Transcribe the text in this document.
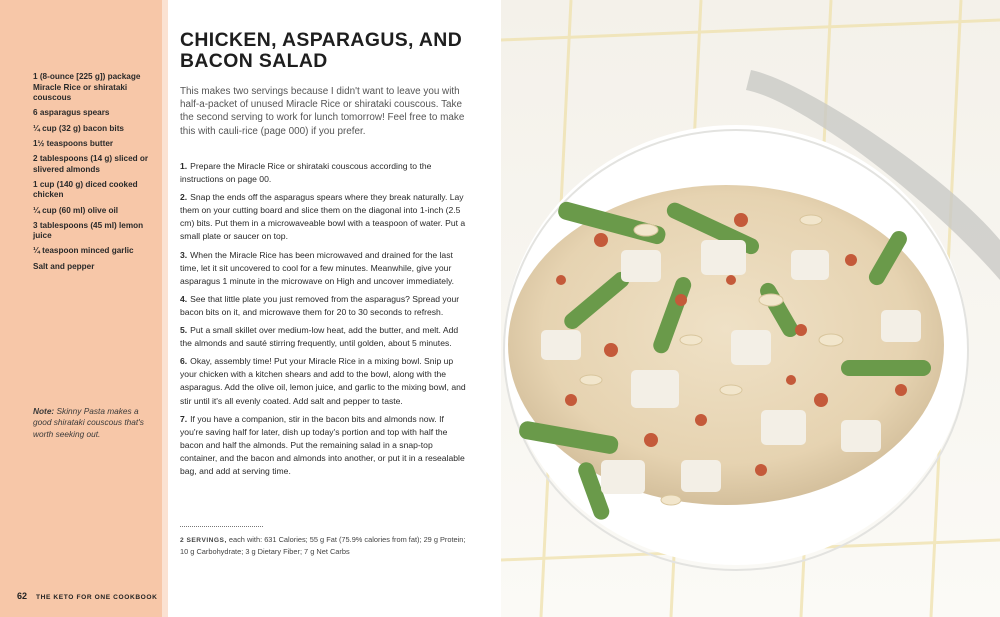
1 (8-ounce [225 g]) package Miracle Rice or shirataki couscous
6 asparagus spears
¼ cup (32 g) bacon bits
1½ teaspoons butter
2 tablespoons (14 g) sliced or slivered almonds
1 cup (140 g) diced cooked chicken
¼ cup (60 ml) olive oil
3 tablespoons (45 ml) lemon juice
¼ teaspoon minced garlic
Salt and pepper

Note: Skinny Pasta makes a good shirataki couscous that's worth seeking out.

62 THE KETO FOR ONE COOKBOOK
CHICKEN, ASPARAGUS, AND BACON SALAD

This makes two servings because I didn't want to leave you with half-a-packet of unused Miracle Rice or shirataki couscous. Take the second serving to work for lunch tomorrow! Feel free to make this with cauli-rice (page 000) if you prefer.

1. Prepare the Miracle Rice or shirataki couscous according to the instructions on page 00.
2. Snap the ends off the asparagus spears where they break naturally. Lay them on your cutting board and slice them on the diagonal into 1-inch (2.5 cm) bits. Put them in a microwaveable bowl with a teaspoon of water. Put a small plate or saucer on top.
3. When the Miracle Rice has been microwaved and drained for the last time, let it sit uncovered to cool for a few minutes. Meanwhile, give your asparagus 1 minute in the microwave on High and uncover immediately.
4. See that little plate you just removed from the asparagus? Spread your bacon bits on it, and microwave them for 20 to 30 seconds to refresh.
5. Put a small skillet over medium-low heat, add the butter, and melt. Add the almonds and sauté stirring frequently, until golden, about 5 minutes.
6. Okay, assembly time! Put your Miracle Rice in a mixing bowl. Snip up your chicken with a kitchen shears and add to the bowl, along with the asparagus. Add the olive oil, lemon juice, and garlic to the mixing bowl, and stir until it's all evenly coated. Add salt and pepper to taste.
7. If you have a companion, stir in the bacon bits and almonds now. If you're saving half for later, dish up today's portion and top with half the bacon and half the almonds. Put the remaining salad in a snap-top container, and the bacon and almonds into another, or put it in a resealable bag, and add at serving time.

2 SERVINGS, each with: 631 Calories; 55 g Fat (75.9% calories from fat); 29 g Protein; 10 g Carbohydrate; 3 g Dietary Fiber; 7 g Net Carbs
